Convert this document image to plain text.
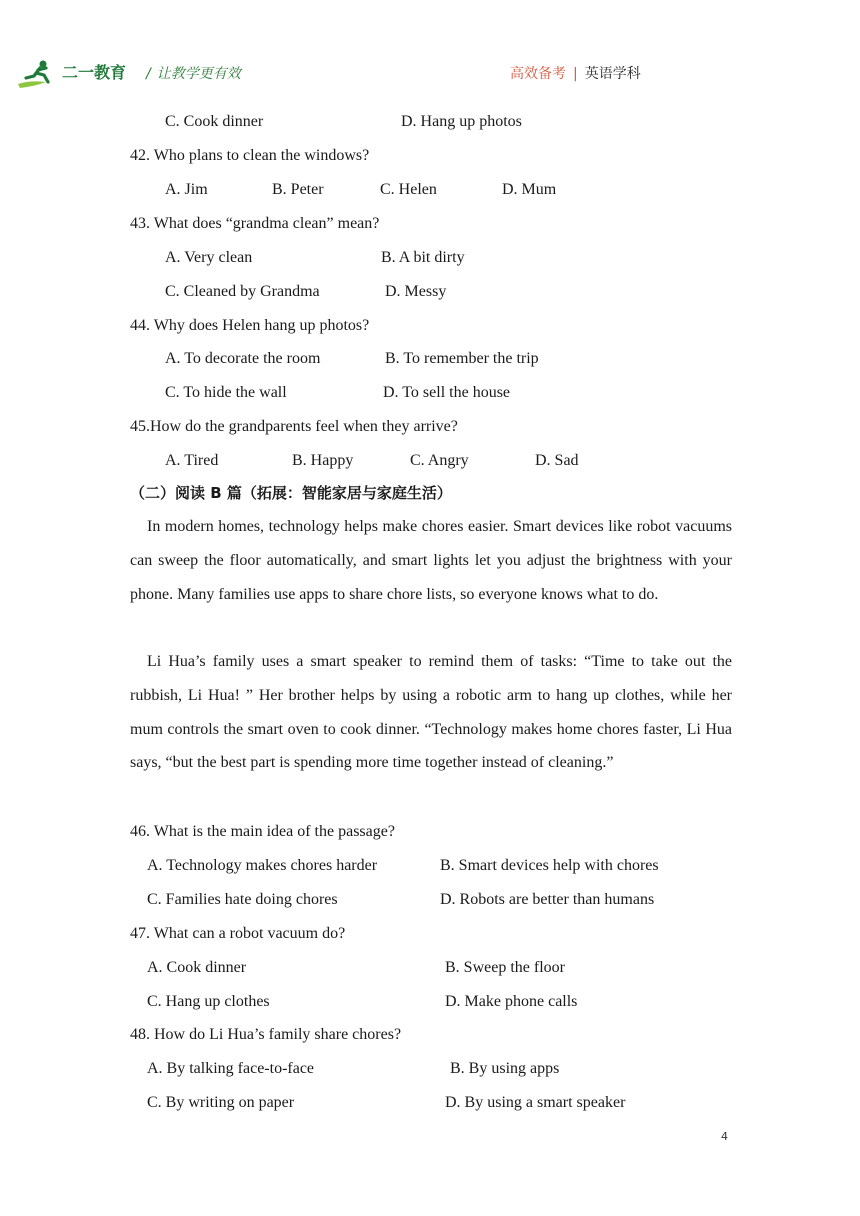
二一教育 / 让教学更有效	高效备考 | 英语学科
C. Cook dinner	D. Hang up photos
42. Who plans to clean the windows?
A. Jim	B. Peter	C. Helen	D. Mum
43. What does “grandma clean” mean?
A. Very clean	B. A bit dirty
C. Cleaned by Grandma	D. Messy
44. Why does Helen hang up photos?
A. To decorate the room	B. To remember the trip
C. To hide the wall	D. To sell the house
45.How do the grandparents feel when they arrive?
A. Tired	B. Happy	C. Angry	D. Sad
（二）阅读 B 篇（拓展：智能家居与家庭生活）
In modern homes, technology helps make chores easier. Smart devices like robot vacuums can sweep the floor automatically, and smart lights let you adjust the brightness with your phone. Many families use apps to share chore lists, so everyone knows what to do.
Li Hua’s family uses a smart speaker to remind them of tasks: “Time to take out the rubbish, Li Hua! ” Her brother helps by using a robotic arm to hang up clothes, while her mum controls the smart oven to cook dinner. “Technology makes home chores faster, Li Hua says, “but the best part is spending more time together instead of cleaning.”
46. What is the main idea of the passage?
A. Technology makes chores harder	B. Smart devices help with chores
C. Families hate doing chores	D. Robots are better than humans
47. What can a robot vacuum do?
A. Cook dinner	B. Sweep the floor
C. Hang up clothes	D. Make phone calls
48. How do Li Hua’s family share chores?
A. By talking face-to-face	B. By using apps
C. By writing on paper	D. By using a smart speaker
4
